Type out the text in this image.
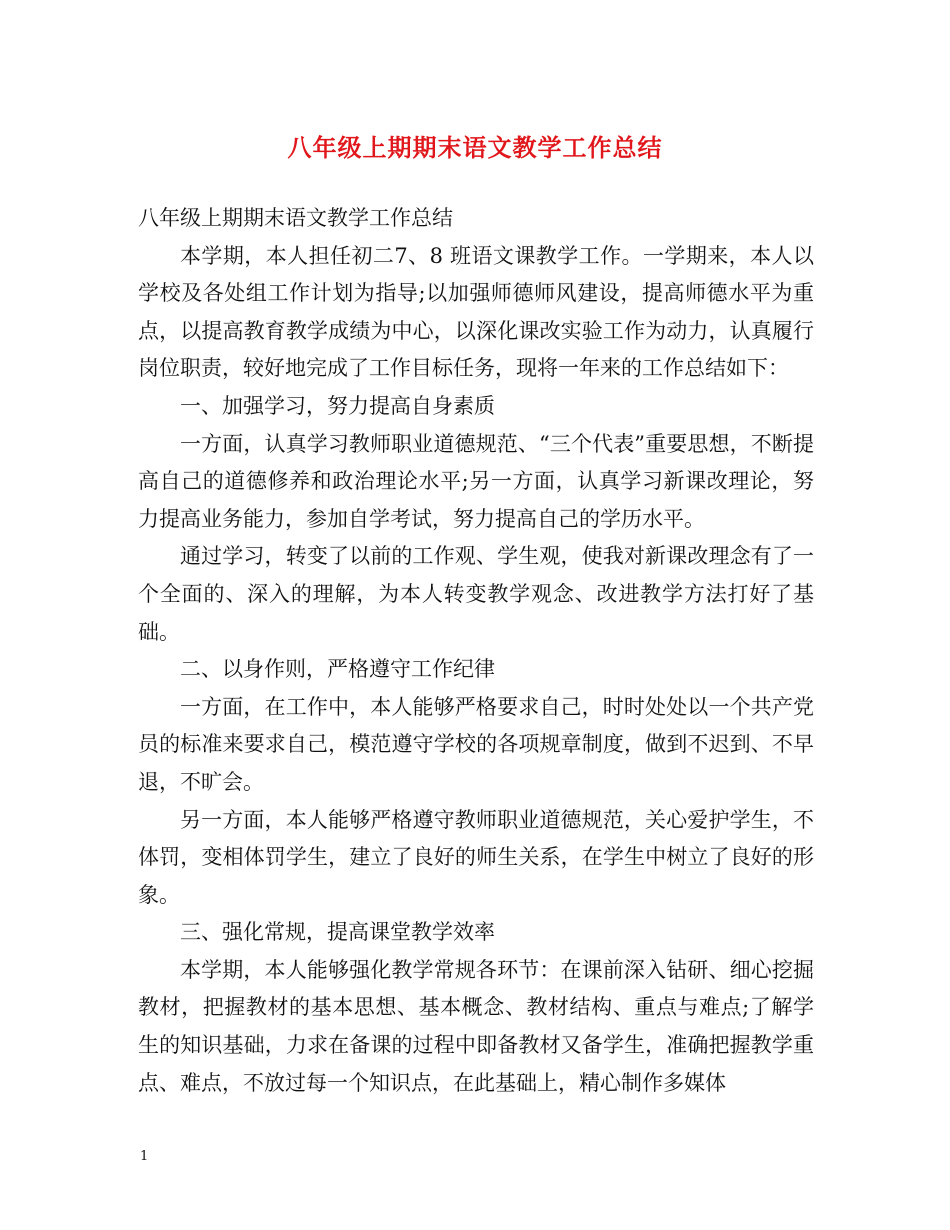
八年级上期期末语文教学工作总结

八年级上期期末语文教学工作总结

本学期，本人担任初二7、8 班语文课教学工作。一学期来，本人以学校及各处组工作计划为指导;以加强师德师风建设，提高师德水平为重点，以提高教育教学成绩为中心，以深化课改实验工作为动力，认真履行岗位职责，较好地完成了工作目标任务，现将一年来的工作总结如下：

一、加强学习，努力提高自身素质

一方面，认真学习教师职业道德规范、“三个代表”重要思想，不断提高自己的道德修养和政治理论水平;另一方面，认真学习新课改理论，努力提高业务能力，参加自学考试，努力提高自己的学历水平。

通过学习，转变了以前的工作观、学生观，使我对新课改理念有了一个全面的、深入的理解，为本人转变教学观念、改进教学方法打好了基础。

二、以身作则，严格遵守工作纪律

一方面，在工作中，本人能够严格要求自己，时时处处以一个共产党员的标准来要求自己，模范遵守学校的各项规章制度，做到不迟到、不早退，不旷会。

另一方面，本人能够严格遵守教师职业道德规范，关心爱护学生，不体罚，变相体罚学生，建立了良好的师生关系，在学生中树立了良好的形象。

三、强化常规，提高课堂教学效率

本学期，本人能够强化教学常规各环节：在课前深入钻研、细心挖掘教材，把握教材的基本思想、基本概念、教材结构、重点与难点;了解学生的知识基础，力求在备课的过程中即备教材又备学生，准确把握教学重点、难点，不放过每一个知识点，在此基础上，精心制作多媒体

1
